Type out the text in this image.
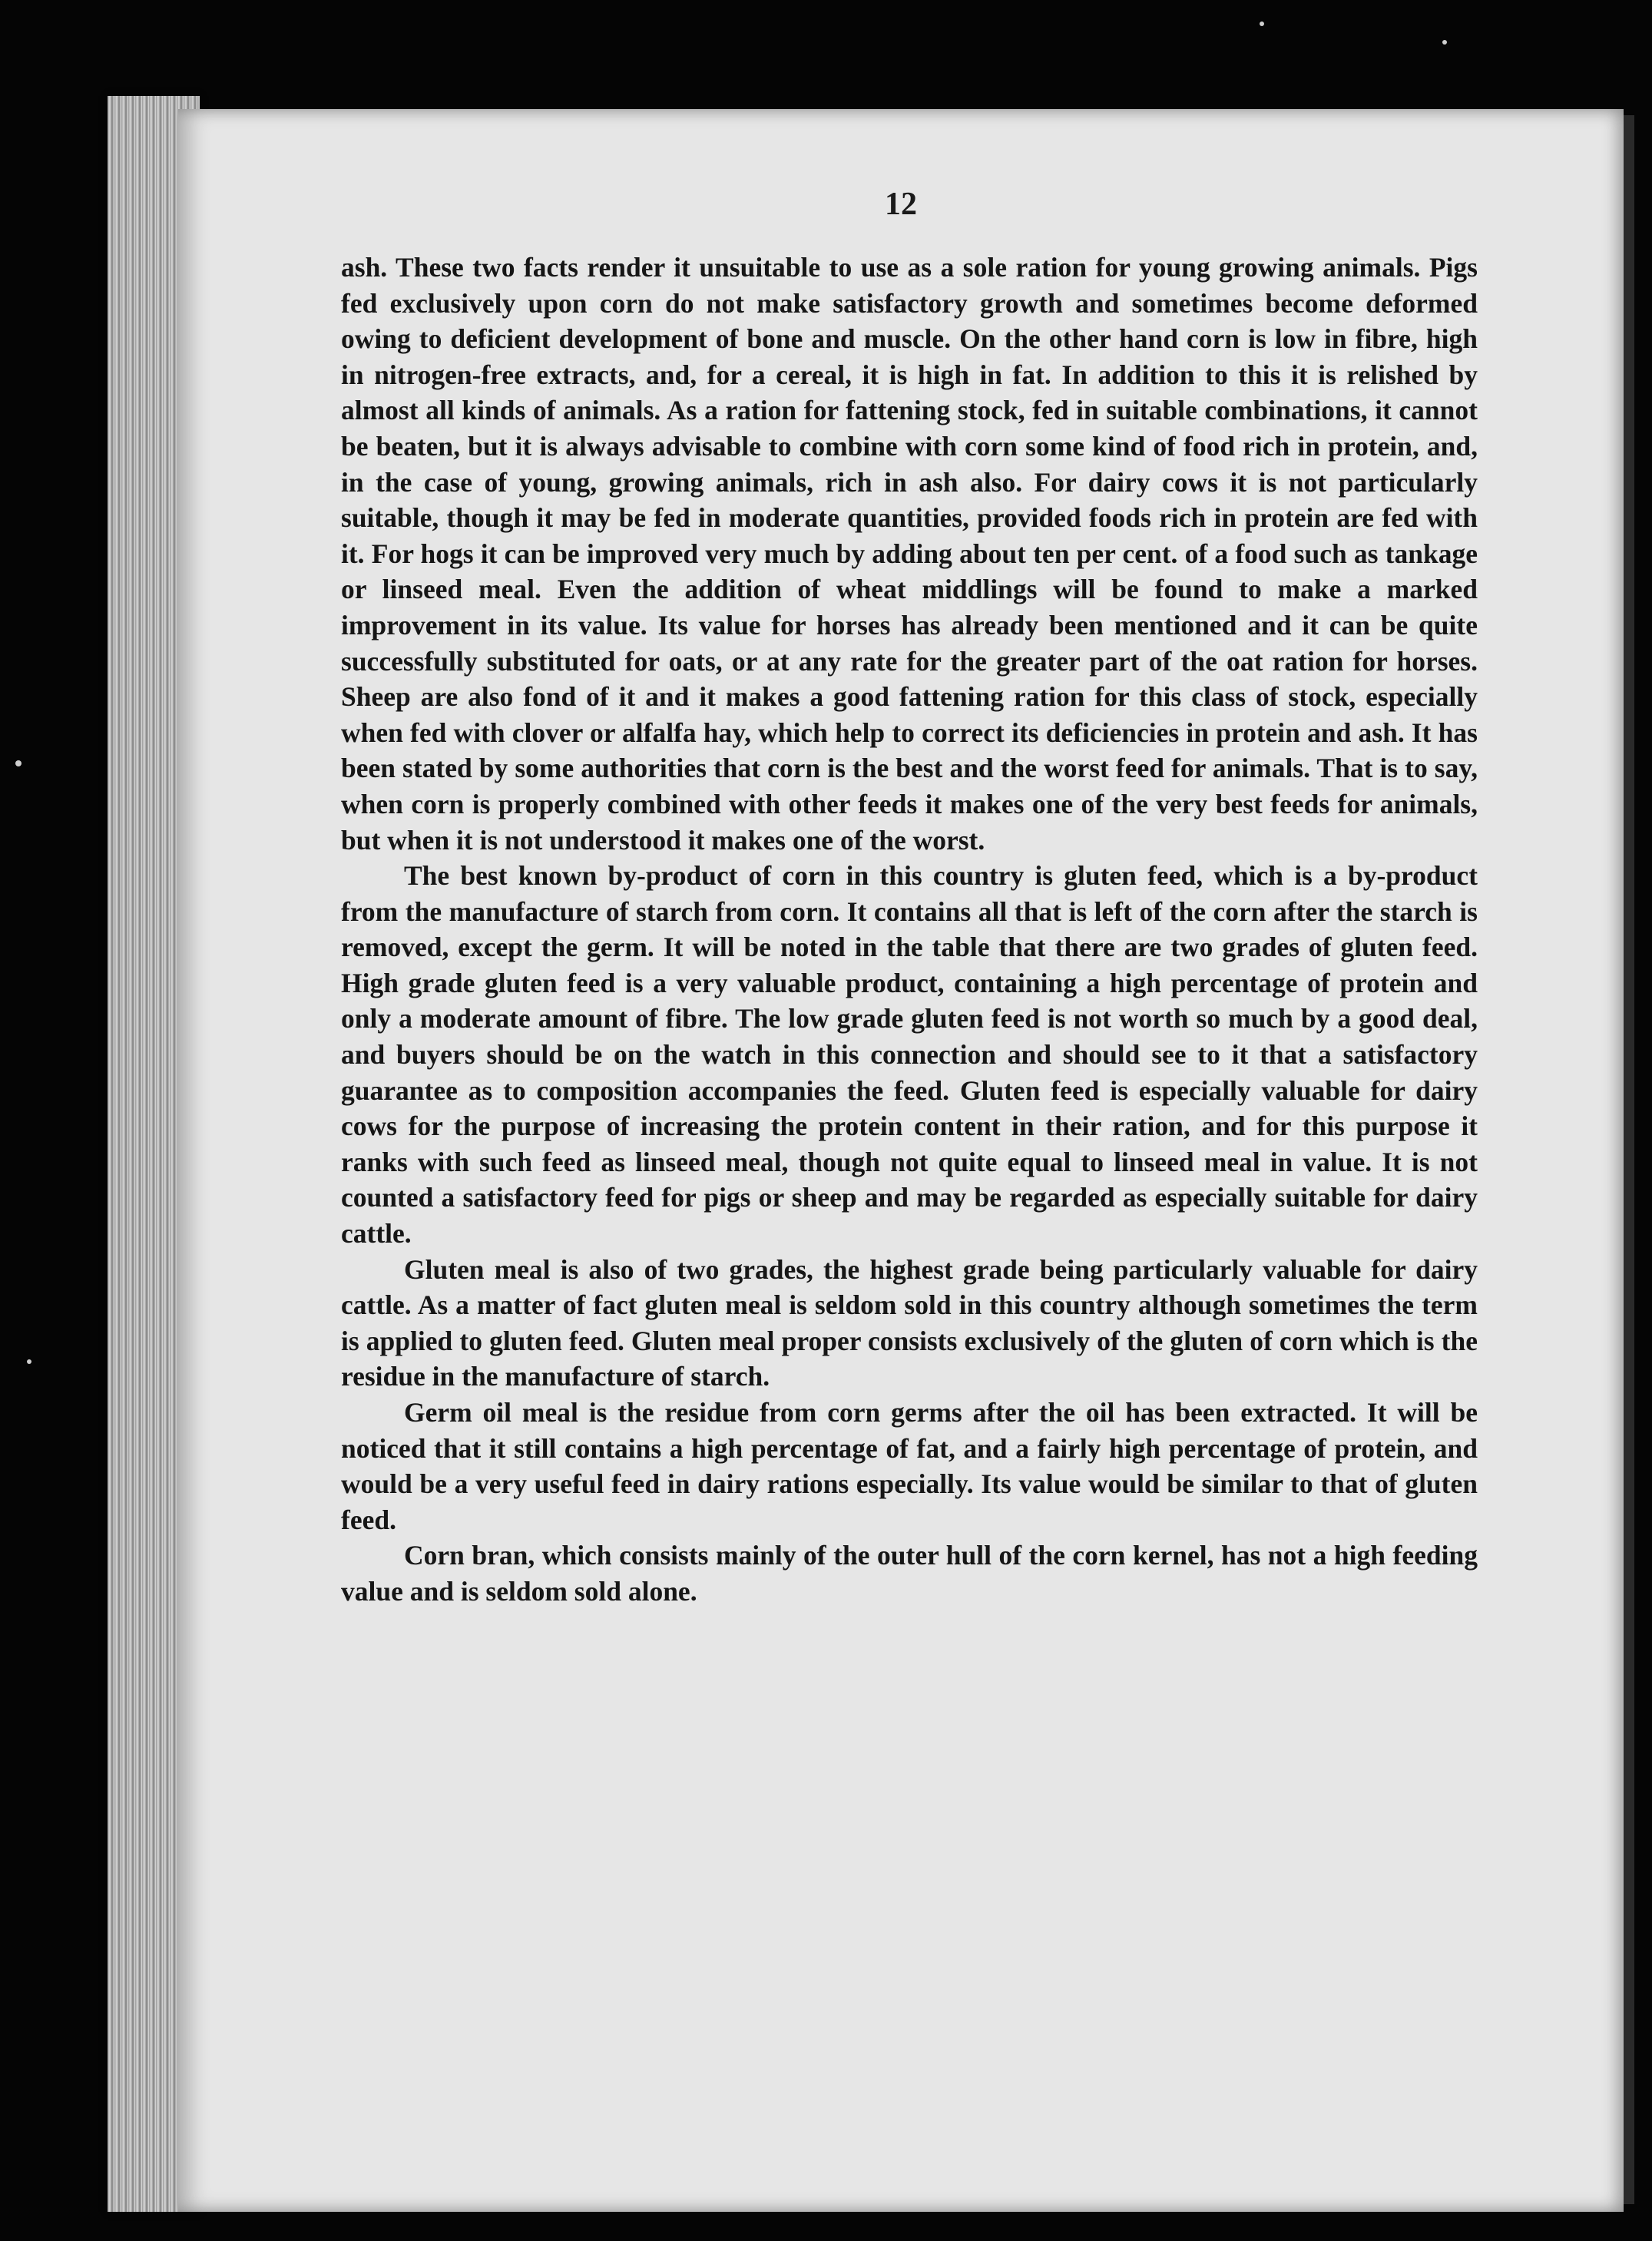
12

ash. These two facts render it unsuitable to use as a sole ration for young growing animals. Pigs fed exclusively upon corn do not make satisfactory growth and sometimes become deformed owing to deficient development of bone and muscle. On the other hand corn is low in fibre, high in nitrogen-free extracts, and, for a cereal, it is high in fat. In addition to this it is relished by almost all kinds of animals. As a ration for fattening stock, fed in suitable combinations, it cannot be beaten, but it is always advisable to combine with corn some kind of food rich in protein, and, in the case of young, growing animals, rich in ash also. For dairy cows it is not particularly suitable, though it may be fed in moderate quantities, provided foods rich in protein are fed with it. For hogs it can be improved very much by adding about ten per cent. of a food such as tankage or linseed meal. Even the addition of wheat middlings will be found to make a marked improvement in its value. Its value for horses has already been mentioned and it can be quite successfully substituted for oats, or at any rate for the greater part of the oat ration for horses. Sheep are also fond of it and it makes a good fattening ration for this class of stock, especially when fed with clover or alfalfa hay, which help to correct its deficiencies in protein and ash. It has been stated by some authorities that corn is the best and the worst feed for animals. That is to say, when corn is properly combined with other feeds it makes one of the very best feeds for animals, but when it is not understood it makes one of the worst.

The best known by-product of corn in this country is gluten feed, which is a by-product from the manufacture of starch from corn. It contains all that is left of the corn after the starch is removed, except the germ. It will be noted in the table that there are two grades of gluten feed. High grade gluten feed is a very valuable product, containing a high percentage of protein and only a moderate amount of fibre. The low grade gluten feed is not worth so much by a good deal, and buyers should be on the watch in this connection and should see to it that a satisfactory guarantee as to composition accompanies the feed. Gluten feed is especially valuable for dairy cows for the purpose of increasing the protein content in their ration, and for this purpose it ranks with such feed as linseed meal, though not quite equal to linseed meal in value. It is not counted a satisfactory feed for pigs or sheep and may be regarded as especially suitable for dairy cattle.

Gluten meal is also of two grades, the highest grade being particularly valuable for dairy cattle. As a matter of fact gluten meal is seldom sold in this country although sometimes the term is applied to gluten feed. Gluten meal proper consists exclusively of the gluten of corn which is the residue in the manufacture of starch.

Germ oil meal is the residue from corn germs after the oil has been extracted. It will be noticed that it still contains a high percentage of fat, and a fairly high percentage of protein, and would be a very useful feed in dairy rations especially. Its value would be similar to that of gluten feed.

Corn bran, which consists mainly of the outer hull of the corn kernel, has not a high feeding value and is seldom sold alone.
